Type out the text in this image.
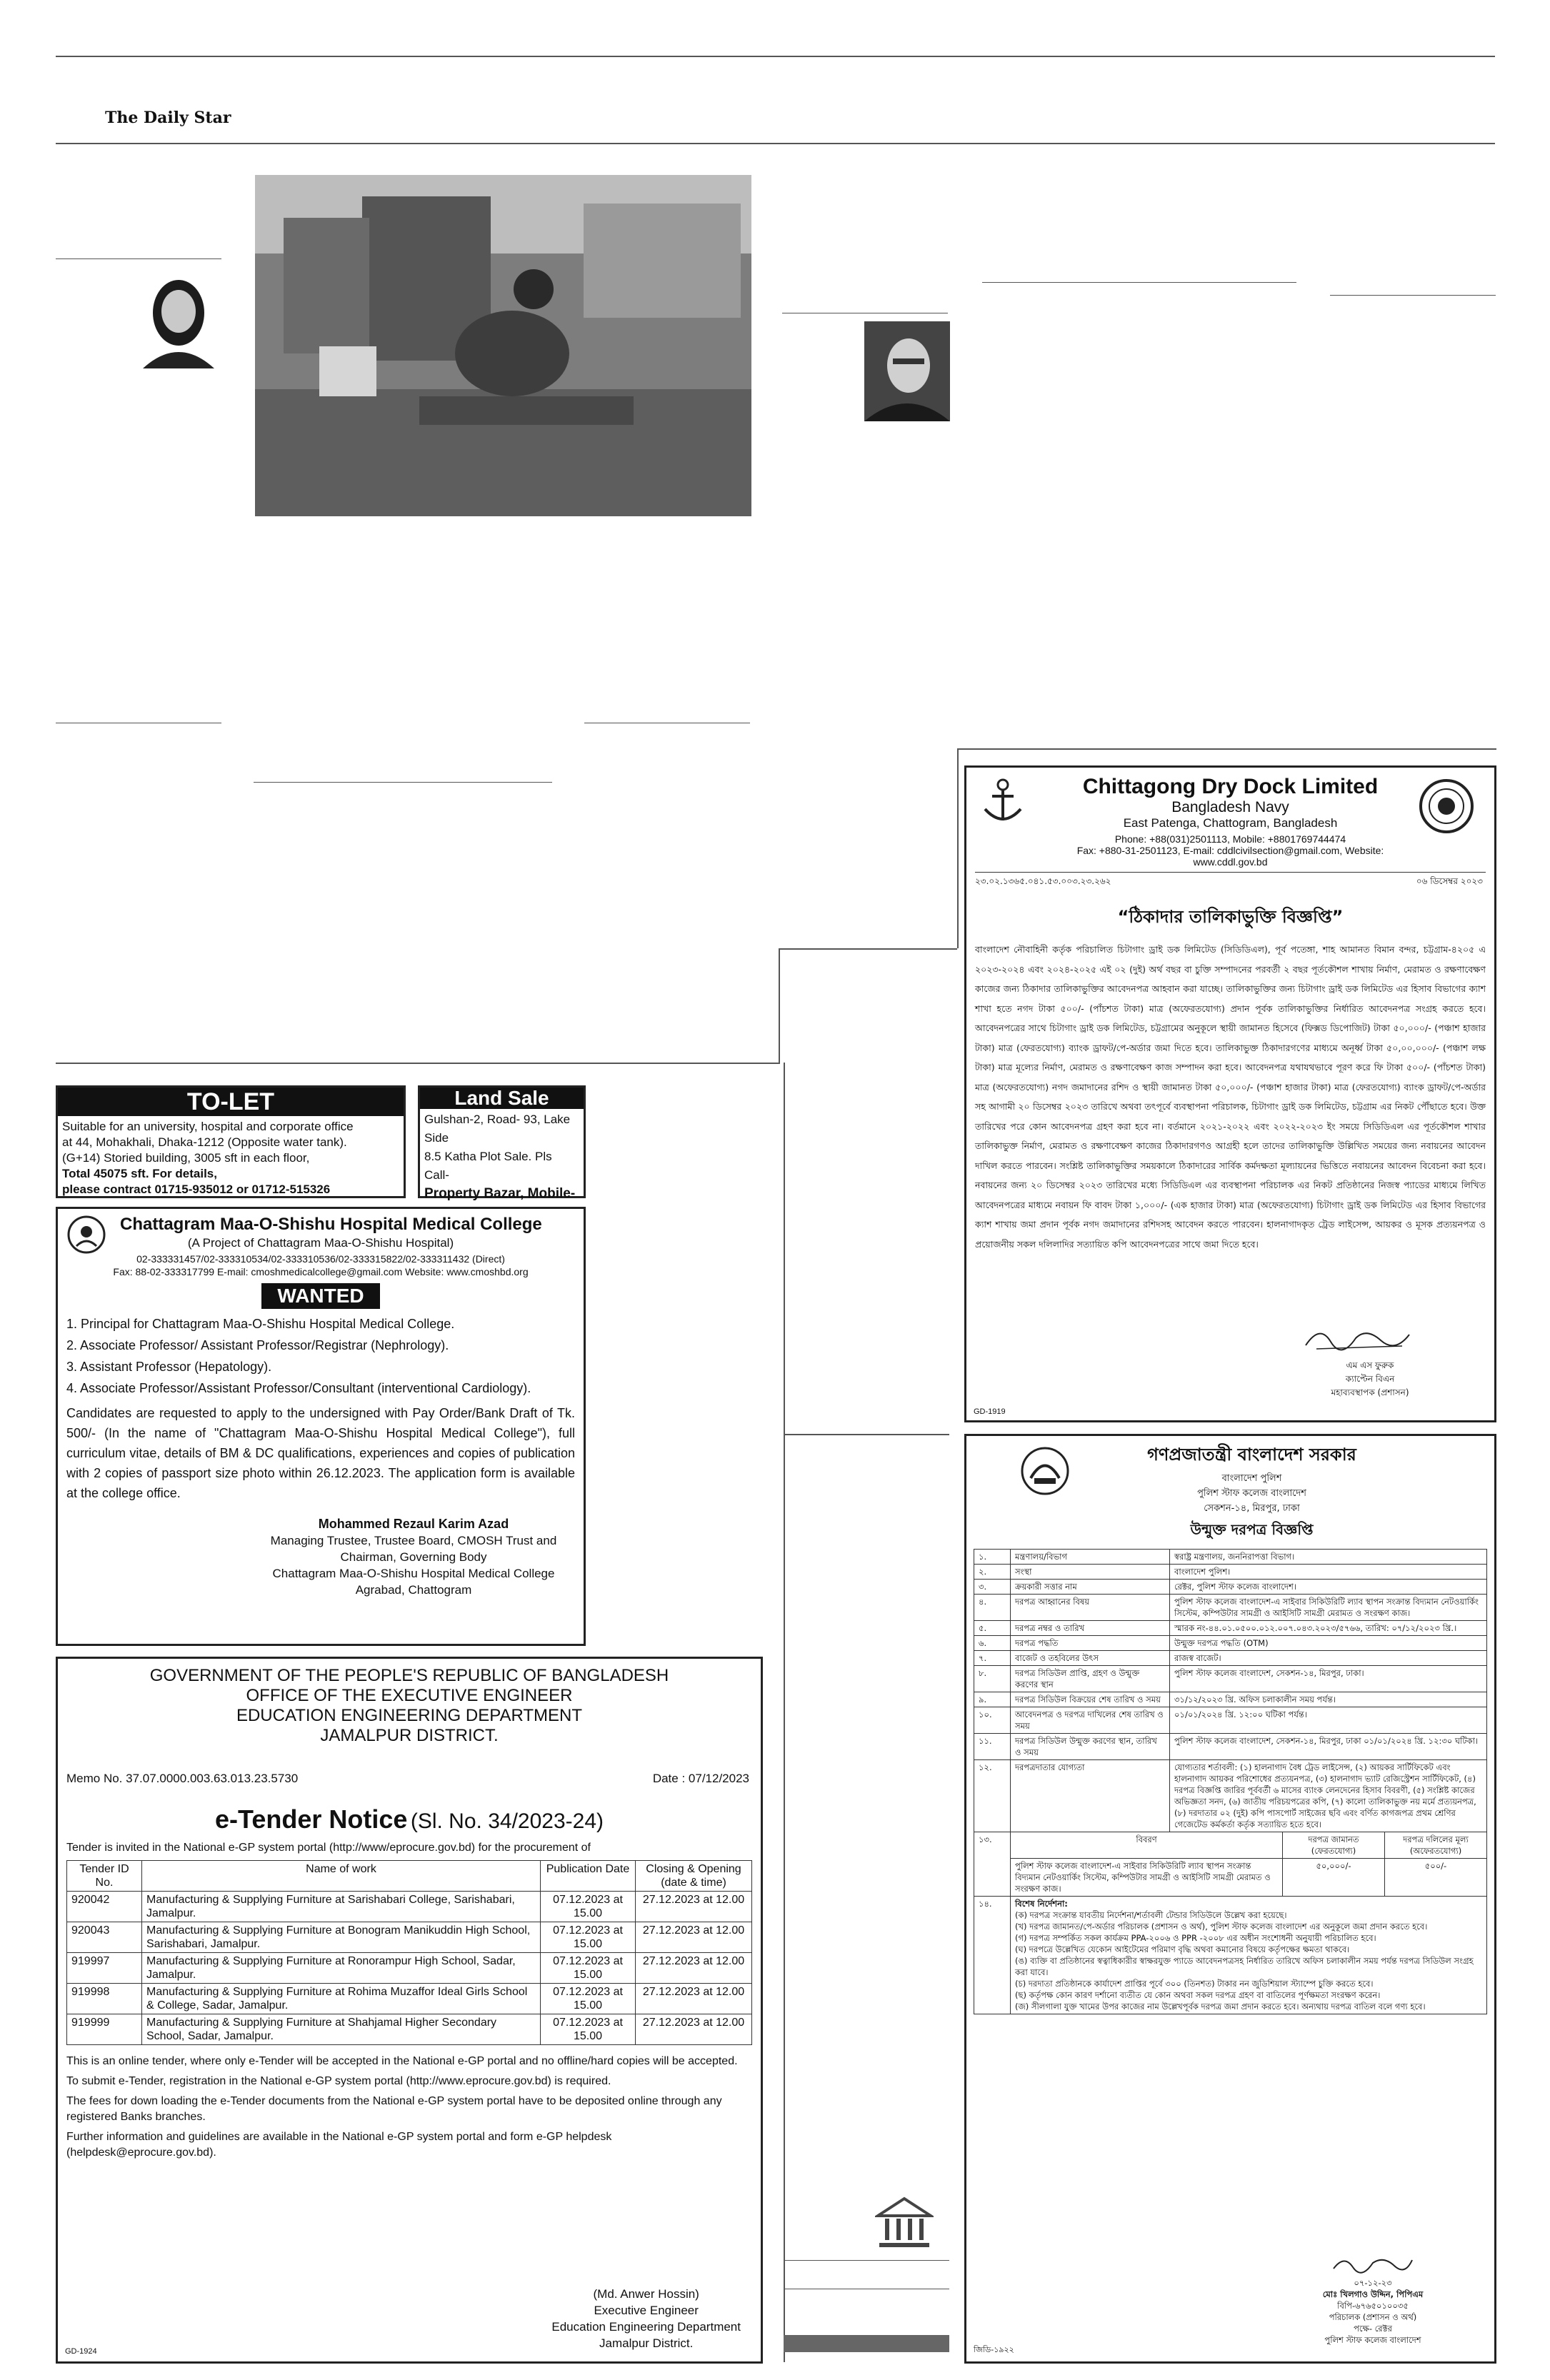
The Daily Star
TO-LET
Suitable for an university, hospital and corporate office
at 44, Mohakhali, Dhaka-1212 (Opposite water tank).
(G+14) Storied building, 3005 sft in each floor,
Total 45075 sft. For details,
please contract 01715-935012 or 01712-515326
Land Sale
Gulshan-2, Road- 93, Lake Side
8.5 Katha Plot Sale. Pls Call-
Property Bazar, Mobile-
Chattagram Maa-O-Shishu Hospital Medical College
(A Project of Chattagram Maa-O-Shishu Hospital)
02-333331457/02-333310534/02-333310536/02-333315822/02-333311432 (Direct)
Fax: 88-02-333317799 E-mail: cmoshmedicalcollege@gmail.com Website: www.cmoshbd.org
WANTED
1. Principal for Chattagram Maa-O-Shishu Hospital Medical College.
2. Associate Professor/ Assistant Professor/Registrar (Nephrology).
3. Assistant Professor (Hepatology).
4. Associate Professor/Assistant Professor/Consultant (interventional Cardiology).
Candidates are requested to apply to the undersigned with Pay Order/Bank Draft of Tk. 500/- (In the name of "Chattagram Maa-O-Shishu Hospital Medical College"), full curriculum vitae, details of BM & DC qualifications, experiences and copies of publication with 2 copies of passport size photo within 26.12.2023. The application form is available at the college office.
Mohammed Rezaul Karim Azad
Managing Trustee, Trustee Board, CMOSH Trust and
Chairman, Governing Body
Chattagram Maa-O-Shishu Hospital Medical College
Agrabad, Chattogram
GOVERNMENT OF THE PEOPLE'S REPUBLIC OF BANGLADESH
OFFICE OF THE EXECUTIVE ENGINEER
EDUCATION ENGINEERING DEPARTMENT
JAMALPUR DISTRICT.
Memo No. 37.07.0000.003.63.013.23.5730	Date : 07/12/2023
e-Tender Notice (Sl. No. 34/2023-24)
Tender is invited in the National e-GP system portal (http://www/eprocure.gov.bd) for the procurement of
Tender ID No.	Name of work	Publication Date	Closing & Opening (date & time)
920042	Manufacturing & Supplying Furniture at Sarishabari College, Sarishabari, Jamalpur.	07.12.2023 at 15.00	27.12.2023 at 12.00
920043	Manufacturing & Supplying Furniture at Bonogram Manikuddin High School, Sarishabari, Jamalpur.	07.12.2023 at 15.00	27.12.2023 at 12.00
919997	Manufacturing & Supplying Furniture at Ronorampur High School, Sadar, Jamalpur.	07.12.2023 at 15.00	27.12.2023 at 12.00
919998	Manufacturing & Supplying Furniture at Rohima Muzaffor Ideal Girls School & College, Sadar, Jamalpur.	07.12.2023 at 15.00	27.12.2023 at 12.00
919999	Manufacturing & Supplying Furniture at Shahjamal Higher Secondary School, Sadar, Jamalpur.	07.12.2023 at 15.00	27.12.2023 at 12.00
This is an online tender, where only e-Tender will be accepted in the National e-GP portal and no offline/hard copies will be accepted.
To submit e-Tender, registration in the National e-GP system portal (http://www.eprocure.gov.bd) is required.
The fees for down loading the e-Tender documents from the National e-GP system portal have to be deposited online through any registered Banks branches.
Further information and guidelines are available in the National e-GP system portal and form e-GP helpdesk (helpdesk@eprocure.gov.bd).
(Md. Anwer Hossin)
Executive Engineer
Education Engineering Department
Jamalpur District.
GD-1924
Chittagong Dry Dock Limited
Bangladesh Navy
East Patenga, Chattogram, Bangladesh
Phone: +88(031)2501113, Mobile: +8801769744474
Fax: +880-31-2501123, E-mail: cddlcivilsection@gmail.com, Website:
www.cddl.gov.bd
২৩.০২.১৩৬৫.০৪১.৫৩.০০৩.২৩.২৬২	০৬ ডিসেম্বর ২০২৩
“ঠিকাদার তালিকাভুক্তি বিজ্ঞপ্তি”
বাংলাদেশ নৌবাহিনী কর্তৃক পরিচালিত চিটাগাং ড্রাই ডক লিমিটেড (সিডিডিএল), পূর্ব পতেঙ্গা, শাহ আমানত বিমান বন্দর, চট্টগ্রাম-৪২০৫ এ ২০২৩-২০২৪ এবং ২০২৪-২০২৫ এই ০২ (দুই) অর্থ বছর বা চুক্তি সম্পাদনের পরবর্তী ২ বছর পূর্তকৌশল শাখায় নির্মাণ, মেরামত ও রক্ষণাবেক্ষণ কাজের জন্য ঠিকাদার তালিকাভুক্তির আবেদনপত্র আহবান করা যাচ্ছে। তালিকাভুক্তির জন্য চিটাগাং ড্রাই ডক লিমিটেড এর হিসাব বিভাগের ক্যাশ শাখা হতে নগদ টাকা ৫০০/- (পাঁচশত টাকা) মাত্র (অফেরতযোগ্য) প্রদান পূর্বক তালিকাভুক্তির নির্ধারিত আবেদনপত্র সংগ্রহ করতে হবে। আবেদনপত্রের সাথে চিটাগাং ড্রাই ডক লিমিটেড, চট্টগ্রামের অনুকূলে স্থায়ী জামানত হিসেবে (ফিক্সড ডিপোজিট) টাকা ৫০,০০০/- (পঞ্চাশ হাজার টাকা) মাত্র (ফেরতযোগ্য) ব্যাংক ড্রাফট/পে-অর্ডার জমা দিতে হবে। তালিকাভুক্ত ঠিকাদারগণের মাধ্যমে অনূর্ধ্ব টাকা ৫০,০০,০০০/- (পঞ্চাশ লক্ষ টাকা) মাত্র মূল্যের নির্মাণ, মেরামত ও রক্ষণাবেক্ষণ কাজ সম্পাদন করা হবে। আবেদনপত্র যথাযথভাবে পূরণ করে ফি টাকা ৫০০/- (পাঁচশত টাকা) মাত্র (অফেরতযোগ্য) নগদ জমাদানের রশিদ ও স্থায়ী জামানত টাকা ৫০,০০০/- (পঞ্চাশ হাজার টাকা) মাত্র (ফেরতযোগ্য) ব্যাংক ড্রাফট/পে-অর্ডার সহ আগামী ২০ ডিসেম্বর ২০২৩ তারিখে অথবা তৎপূর্বে ব্যবস্থাপনা পরিচালক, চিটাগাং ড্রাই ডক লিমিটেড, চট্টগ্রাম এর নিকট পৌঁছাতে হবে। উক্ত তারিখের পরে কোন আবেদনপত্র গ্রহণ করা হবে না। বর্তমানে ২০২১-২০২২ এবং ২০২২-২০২৩ ইং সময়ে সিডিডিএল এর পূর্তকৌশল শাখার তালিকাভুক্ত নির্মাণ, মেরামত ও রক্ষণাবেক্ষণ কাজের ঠিকাদারগণও আগ্রহী হলে তাদের তালিকাভুক্তি উল্লিখিত সময়ের জন্য নবায়নের আবেদন দাখিল করতে পারবেন। সংশ্লিষ্ট তালিকাভুক্তির সময়কালে ঠিকাদারের সার্বিক কর্মদক্ষতা মূল্যায়নের ভিত্তিতে নবায়নের আবেদন বিবেচনা করা হবে। নবায়নের জন্য ২০ ডিসেম্বর ২০২৩ তারিখের মধ্যে সিডিডিএল এর ব্যবস্থাপনা পরিচালক এর নিকট প্রতিষ্ঠানের নিজস্ব প্যাডের মাধ্যমে লিখিত আবেদনপত্রের মাধ্যমে নবায়ন ফি বাবদ টাকা ১,০০০/- (এক হাজার টাকা) মাত্র (অফেরতযোগ্য) চিটাগাং ড্রাই ডক লিমিটেড এর হিসাব বিভাগের ক্যাশ শাখায় জমা প্রদান পূর্বক নগদ জমাদানের রশিদসহ আবেদন করতে পারবেন। হালনাগাদকৃত ট্রেড লাইসেন্স, আয়কর ও মূসক প্রত্যয়নপত্র ও প্রয়োজনীয় সকল দলিলাদির সত্যায়িত কপি আবেদনপত্রের সাথে জমা দিতে হবে।
এম এস ফুরুক
ক্যাপ্টেন বিএন
মহাব্যবস্থাপক (প্রশাসন)
GD-1919
গণপ্রজাতন্ত্রী বাংলাদেশ সরকার
বাংলাদেশ পুলিশ
পুলিশ স্টাফ কলেজ বাংলাদেশ
সেকশন-১৪, মিরপুর, ঢাকা
উন্মুক্ত দরপত্র বিজ্ঞপ্তি
১.	মন্ত্রণালয়/বিভাগ	স্বরাষ্ট্র মন্ত্রণালয়, জননিরাপত্তা বিভাগ।
২.	সংস্থা	বাংলাদেশ পুলিশ।
৩.	ক্রয়কারী সত্তার নাম	রেক্টর, পুলিশ স্টাফ কলেজ বাংলাদেশ।
৪.	দরপত্র আহ্বানের বিষয়	পুলিশ স্টাফ কলেজ বাংলাদেশ-এ সাইবার সিকিউরিটি ল্যাব স্থাপন সংক্রান্ত বিদ্যমান নেটওয়ার্কিং সিস্টেম, কম্পিউটার সামগ্রী ও আইসিটি সামগ্রী মেরামত ও সংরক্ষণ কাজ।
৫.	দরপত্র নম্বর ও তারিখ	স্মারক নং-৪৪.০১.০৫০০.০১২.০০৭.০৪৩.২০২৩/৫৭৬৬, তারিখ: ০৭/১২/২০২৩ খ্রি.।
৬.	দরপত্র পদ্ধতি	উন্মুক্ত দরপত্র পদ্ধতি (OTM)
৭.	বাজেট ও তহবিলের উৎস	রাজস্ব বাজেট।
৮.	দরপত্র সিডিউল প্রাপ্তি, গ্রহণ ও উন্মুক্ত করণের স্থান	পুলিশ স্টাফ কলেজ বাংলাদেশ, সেকশন-১৪, মিরপুর, ঢাকা।
৯.	দরপত্র সিডিউল বিক্রয়ের শেষ তারিখ ও সময়	৩১/১২/২০২৩ খ্রি. অফিস চলাকালীন সময় পর্যন্ত।
১০.	আবেদনপত্র ও দরপত্র দাখিলের শেষ তারিখ ও সময়	০১/০১/২০২৪ খ্রি. ১২:০০ ঘটিকা পর্যন্ত।
১১.	দরপত্র সিডিউল উন্মুক্ত করণের স্থান, তারিখ ও সময়	পুলিশ স্টাফ কলেজ বাংলাদেশ, সেকশন-১৪, মিরপুর, ঢাকা ০১/০১/২০২৪ খ্রি. ১২:৩০ ঘটিকা।
১২.	দরপত্রদাতার যোগ্যতা	যোগ্যতার শর্তাবলী: (১) হালনাগাদ বৈধ ট্রেড লাইসেন্স, (২) আয়কর সার্টিফিকেট এবং হালনাগাদ আয়কর পরিশোধের প্রত্যয়নপত্র, (৩) হালনাগাদ ভ্যাট রেজিস্ট্রেশন সার্টিফিকেট, (৪) দরপত্র বিজ্ঞপ্তি জারির পূর্ববর্তী ৬ মাসের ব্যাংক লেনদেনের হিসাব বিবরণী, (৫) সংশ্লিষ্ট কাজের অভিজ্ঞতা সনদ, (৬) জাতীয় পরিচয়পত্রের কপি, (৭) কালো তালিকাভুক্ত নয় মর্মে প্রত্যয়নপত্র, (৮) দরদাতার ০২ (দুই) কপি পাসপোর্ট সাইজের ছবি এবং বর্ণিত কাগজপত্র প্রথম শ্রেণির গেজেটেড কর্মকর্তা কর্তৃক সত্যায়িত হতে হবে।
১৩.		বিবরণ	দরপত্র জামানত (ফেরতযোগ্য)	দরপত্র দলিলের মূল্য (অফেরতযোগ্য)
পুলিশ স্টাফ কলেজ বাংলাদেশ-এ সাইবার সিকিউরিটি ল্যাব স্থাপন সংক্রান্ত বিদ্যমান নেটওয়ার্কিং সিস্টেম, কম্পিউটার সামগ্রী ও আইসিটি সামগ্রী মেরামত ও সংরক্ষণ কাজ।	৫০,০০০/-	৫০০/-

১৪.	বিশেষ নির্দেশনা:
(ক) দরপত্র সংক্রান্ত যাবতীয় নির্দেশনা/শর্তাবলী টেন্ডার সিডিউলে উল্লেখ করা হয়েছে।
(খ) দরপত্র জামানত/পে-অর্ডার পরিচালক (প্রশাসন ও অর্থ), পুলিশ স্টাফ কলেজ বাংলাদেশ এর অনুকূলে জমা প্রদান করতে হবে।
(গ) দরপত্র সম্পর্কিত সকল কার্যক্রম PPA-২০০৬ ও PPR -২০০৮ এর অধীন সংশোধনী অনুযায়ী পরিচালিত হবে।
(ঘ) দরপত্রে উল্লেখিত যেকোন আইটেমের পরিমাণ বৃদ্ধি অথবা কমানোর বিষয়ে কর্তৃপক্ষের ক্ষমতা থাকবে।
(ঙ) ব্যক্তি বা প্রতিষ্ঠানের স্বত্বাধিকারীর স্বাক্ষরযুক্ত প্যাডে আবেদনপত্রসহ নির্ধারিত তারিখে অফিস চলাকালীন সময় পর্যন্ত দরপত্র সিডিউল সংগ্রহ করা যাবে।
(চ) দরদাতা প্রতিষ্ঠানকে কার্যাদেশ প্রাপ্তির পূর্বে ৩০০ (তিনশত) টাকার নন জুডিশিয়াল স্ট্যাম্পে চুক্তি করতে হবে।
(ছ) কর্তৃপক্ষ কোন কারণ দর্শানো ব্যতীত যে কোন অথবা সকল দরপত্র গ্রহণ বা বাতিলের পূর্ণক্ষমতা সংরক্ষণ করেন।
(জ) সীলগালা যুক্ত খামের উপর কাজের নাম উল্লেখপূর্বক দরপত্র জমা প্রদান করতে হবে। অন্যথায় দরপত্র বাতিল বলে গণ্য হবে।
০৭-১২-২৩
মোঃ খিলগাও উদ্দিন, পিপিএম
বিপি-৬৭৬৫০১০০৩৫
পরিচালক (প্রশাসন ও অর্থ)
পক্ষে- রেক্টর
পুলিশ স্টাফ কলেজ বাংলাদেশ
জিডি-১৯২২
